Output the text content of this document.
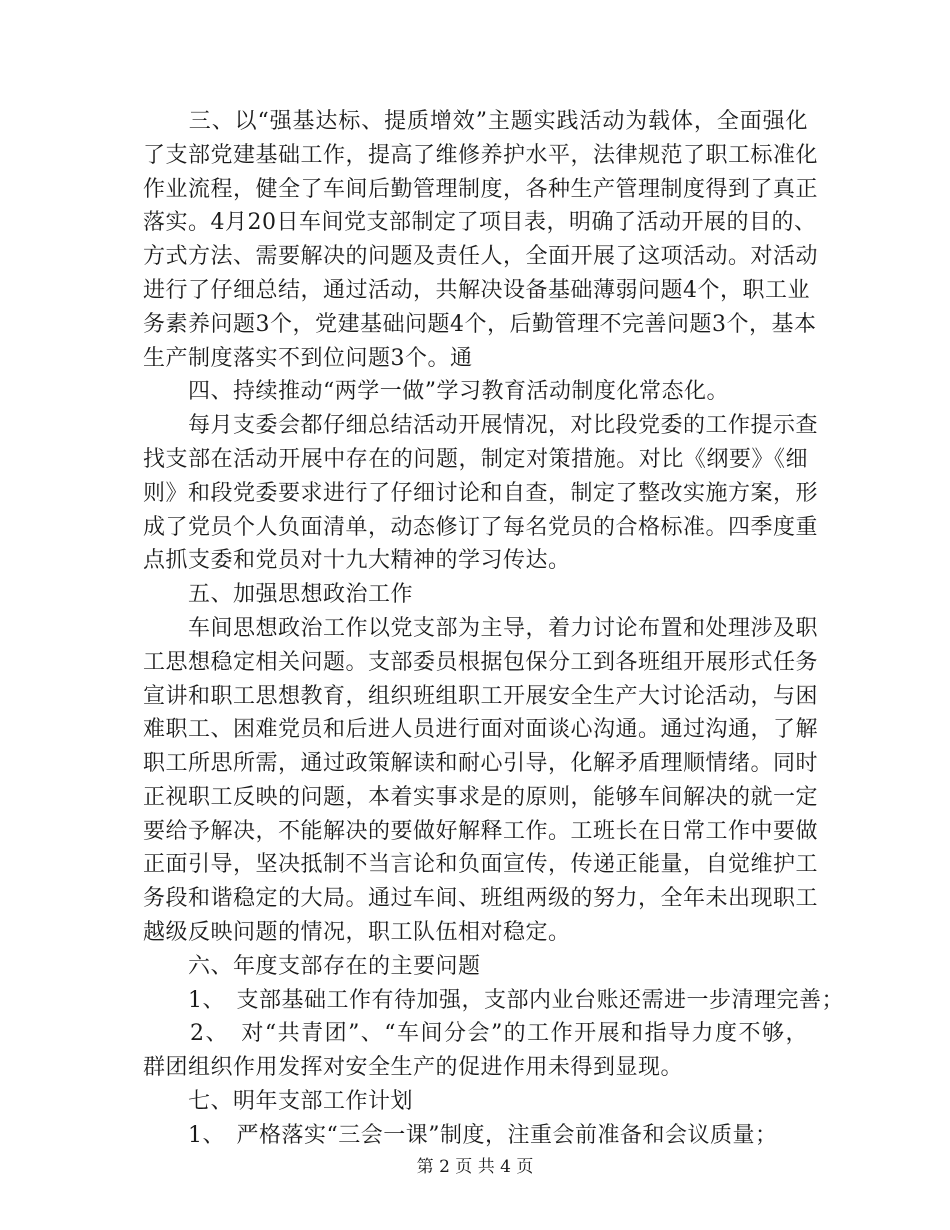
　　三、以“强基达标、提质增效”主题实践活动为载体，全面强化

了支部党建基础工作，提高了维修养护水平，法律规范了职工标准化

作业流程，健全了车间后勤管理制度，各种生产管理制度得到了真正

落实。4月20日车间党支部制定了项目表，明确了活动开展的目的、

方式方法、需要解决的问题及责任人，全面开展了这项活动。对活动

进行了仔细总结，通过活动，共解决设备基础薄弱问题4个，职工业

务素养问题3个，党建基础问题4个，后勤管理不完善问题3个，基本

生产制度落实不到位问题3个。通

　　四、持续推动“两学一做”学习教育活动制度化常态化。

　　每月支委会都仔细总结活动开展情况，对比段党委的工作提示查

找支部在活动开展中存在的问题，制定对策措施。对比《纲要》《细

则》和段党委要求进行了仔细讨论和自查，制定了整改实施方案，形

成了党员个人负面清单，动态修订了每名党员的合格标准。四季度重

点抓支委和党员对十九大精神的学习传达。

　　五、加强思想政治工作

　　车间思想政治工作以党支部为主导，着力讨论布置和处理涉及职

工思想稳定相关问题。支部委员根据包保分工到各班组开展形式任务

宣讲和职工思想教育，组织班组职工开展安全生产大讨论活动，与困

难职工、困难党员和后进人员进行面对面谈心沟通。通过沟通，了解

职工所思所需，通过政策解读和耐心引导，化解矛盾理顺情绪。同时

正视职工反映的问题，本着实事求是的原则，能够车间解决的就一定

要给予解决，不能解决的要做好解释工作。工班长在日常工作中要做

正面引导，坚决抵制不当言论和负面宣传，传递正能量，自觉维护工

务段和谐稳定的大局。通过车间、班组两级的努力，全年未出现职工

越级反映问题的情况，职工队伍相对稳定。

　　六、年度支部存在的主要问题

　　1、　支部基础工作有待加强，支部内业台账还需进一步清理完善；

　　2、　对“共青团”、“车间分会”的工作开展和指导力度不够，

群团组织作用发挥对安全生产的促进作用未得到显现。

　　七、明年支部工作计划

　　1、　严格落实“三会一课”制度，注重会前准备和会议质量；

第 2 页 共 4 页
